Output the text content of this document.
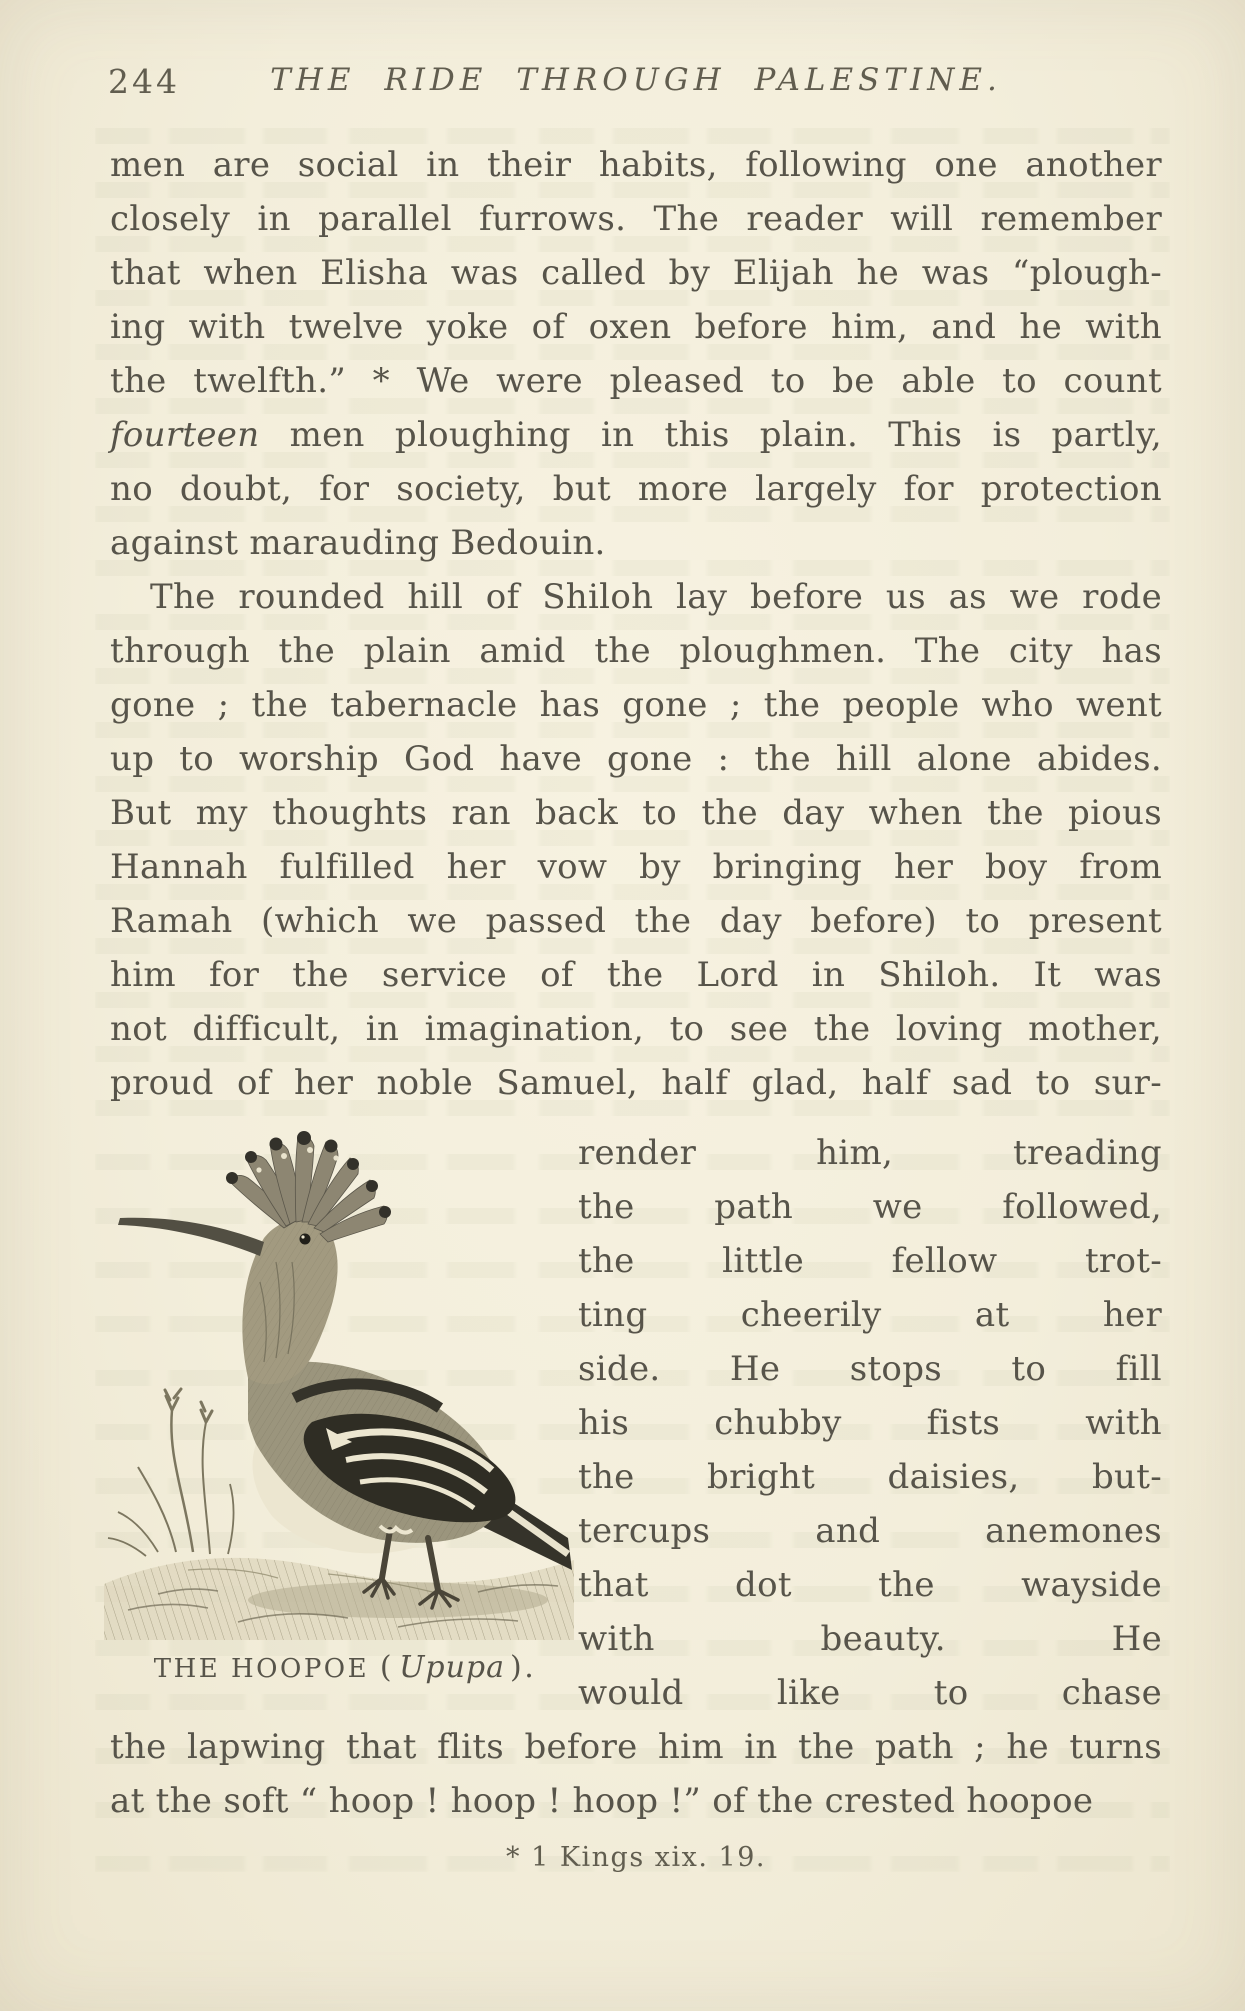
244	THE RIDE THROUGH PALESTINE.
men are social in their habits, following one another
closely in parallel furrows. The reader will remember
that when Elisha was called by Elijah he was “plough-
ing with twelve yoke of oxen before him, and he with
the twelfth.” * We were pleased to be able to count
fourteen men ploughing in this plain. This is partly,
no doubt, for society, but more largely for protection
against marauding Bedouin.
The rounded hill of Shiloh lay before us as we rode
through the plain amid the ploughmen. The city has
gone ; the tabernacle has gone ; the people who went
up to worship God have gone : the hill alone abides.
But my thoughts ran back to the day when the pious
Hannah fulfilled her vow by bringing her boy from
Ramah (which we passed the day before) to present
him for the service of the Lord in Shiloh. It was
not difficult, in imagination, to see the loving mother,
proud of her noble Samuel, half glad, half sad to sur-
THE HOOPOE ( Upupa ).
render him, treading
the path we followed,
the little fellow trot-
ting cheerily at her
side. He stops to fill
his chubby fists with
the bright daisies, but-
tercups and anemones
that dot the wayside
with beauty. He
would like to chase
the lapwing that flits before him in the path ; he turns
at the soft “ hoop ! hoop ! hoop !” of the crested hoopoe
* 1 Kings xix. 19.
